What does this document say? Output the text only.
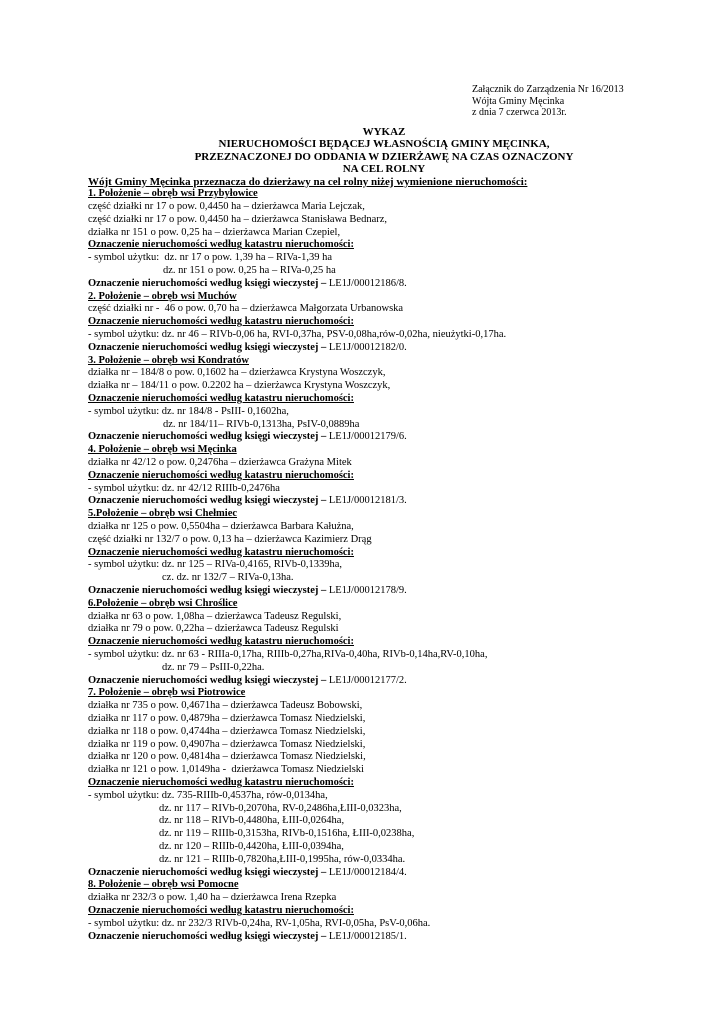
Załącznik do Zarządzenia Nr 16/2013
Wójta Gminy Męcinka
z dnia 7 czerwca 2013r.
WYKAZ
NIERUCHOMOŚCI BĘDĄCEJ WŁASNOŚCIĄ GMINY MĘCINKA,
PRZEZNACZONEJ DO ODDANIA W DZIERŻAWĘ NA CZAS OZNACZONY
NA CEL ROLNY
Wójt Gminy Męcinka przeznacza do dzierżawy na cel rolny niżej wymienione nieruchomości:
1. Położenie – obręb wsi Przybyłowice
część działki nr 17 o pow. 0,4450 ha – dzierżawca Maria Lejczak,
część działki nr 17 o pow. 0,4450 ha – dzierżawca Stanisława Bednarz,
działka nr 151 o pow. 0,25 ha – dzierżawca Marian Czepiel,
Oznaczenie nieruchomości według katastru nieruchomości:
- symbol użytku:  dz. nr 17 o pow. 1,39 ha – RIVa-1,39 ha
dz. nr 151 o pow. 0,25 ha – RIVa-0,25 ha
Oznaczenie nieruchomości według księgi wieczystej – LE1J/00012186/8.
2. Położenie – obręb wsi Muchów
część działki nr -  46 o pow. 0,70 ha – dzierżawca Małgorzata Urbanowska
Oznaczenie nieruchomości według katastru nieruchomości:
- symbol użytku: dz. nr 46 – RIVb-0,06 ha, RVI-0,37ha, PSV-0,08ha,rów-0,02ha, nieużytki-0,17ha.
Oznaczenie nieruchomości według księgi wieczystej – LE1J/00012182/0.
3. Położenie – obręb wsi Kondratów
działka nr – 184/8 o pow. 0,1602 ha – dzierżawca Krystyna Woszczyk,
działka nr – 184/11 o pow. 0.2202 ha – dzierżawca Krystyna Woszczyk,
Oznaczenie nieruchomości według katastru nieruchomości:
- symbol użytku: dz. nr 184/8 - PsIII- 0,1602ha,
dz. nr 184/11– RIVb-0,1313ha, PsIV-0,0889ha
Oznaczenie nieruchomości według księgi wieczystej – LE1J/00012179/6.
4. Położenie – obręb wsi Męcinka
działka nr 42/12 o pow. 0,2476ha – dzierżawca Grażyna Mitek
Oznaczenie nieruchomości według katastru nieruchomości:
- symbol użytku: dz. nr 42/12 RIIIb-0,2476ha
Oznaczenie nieruchomości według księgi wieczystej – LE1J/00012181/3.
5.Położenie – obręb wsi Chełmiec
działka nr 125 o pow. 0,5504ha – dzierżawca Barbara Kałużna,
część działki nr 132/7 o pow. 0,13 ha – dzierżawca Kazimierz Drąg
Oznaczenie nieruchomości według katastru nieruchomości:
- symbol użytku: dz. nr 125 – RIVa-0,4165, RIVb-0,1339ha,
cz. dz. nr 132/7 – RIVa-0,13ha.
Oznaczenie nieruchomości według księgi wieczystej – LE1J/00012178/9.
6.Położenie – obręb wsi Chroślice
działka nr 63 o pow. 1,08ha – dzierżawca Tadeusz Regulski,
działka nr 79 o pow. 0,22ha – dzierżawca Tadeusz Regulski
Oznaczenie nieruchomości według katastru nieruchomości:
- symbol użytku: dz. nr 63 - RIIIa-0,17ha, RIIIb-0,27ha,RIVa-0,40ha, RIVb-0,14ha,RV-0,10ha,
dz. nr 79 – PsIII-0,22ha.
Oznaczenie nieruchomości według księgi wieczystej – LE1J/00012177/2.
7. Położenie – obręb wsi Piotrowice
działka nr 735 o pow. 0,4671ha – dzierżawca Tadeusz Bobowski,
działka nr 117 o pow. 0,4879ha – dzierżawca Tomasz Niedzielski,
działka nr 118 o pow. 0,4744ha – dzierżawca Tomasz Niedzielski,
działka nr 119 o pow. 0,4907ha – dzierżawca Tomasz Niedzielski,
działka nr 120 o pow. 0,4814ha – dzierżawca Tomasz Niedzielski,
działka nr 121 o pow. 1,0149ha -  dzierżawca Tomasz Niedzielski
Oznaczenie nieruchomości według katastru nieruchomości:
- symbol użytku: dz. 735-RIIIb-0,4537ha, rów-0,0134ha,
dz. nr 117 – RIVb-0,2070ha, RV-0,2486ha,ŁIII-0,0323ha,
dz. nr 118 – RIVb-0,4480ha, ŁIII-0,0264ha,
dz. nr 119 – RIIIb-0,3153ha, RIVb-0,1516ha, ŁIII-0,0238ha,
dz. nr 120 – RIIIb-0,4420ha, ŁIII-0,0394ha,
dz. nr 121 – RIIIb-0,7820ha,ŁIII-0,1995ha, rów-0,0334ha.
Oznaczenie nieruchomości według księgi wieczystej – LE1J/00012184/4.
8. Położenie – obręb wsi Pomocne
działka nr 232/3 o pow. 1,40 ha – dzierżawca Irena Rzepka
Oznaczenie nieruchomości według katastru nieruchomości:
- symbol użytku: dz. nr 232/3 RIVb-0,24ha, RV-1,05ha, RVI-0,05ha, PsV-0,06ha.
Oznaczenie nieruchomości według księgi wieczystej – LE1J/00012185/1.
